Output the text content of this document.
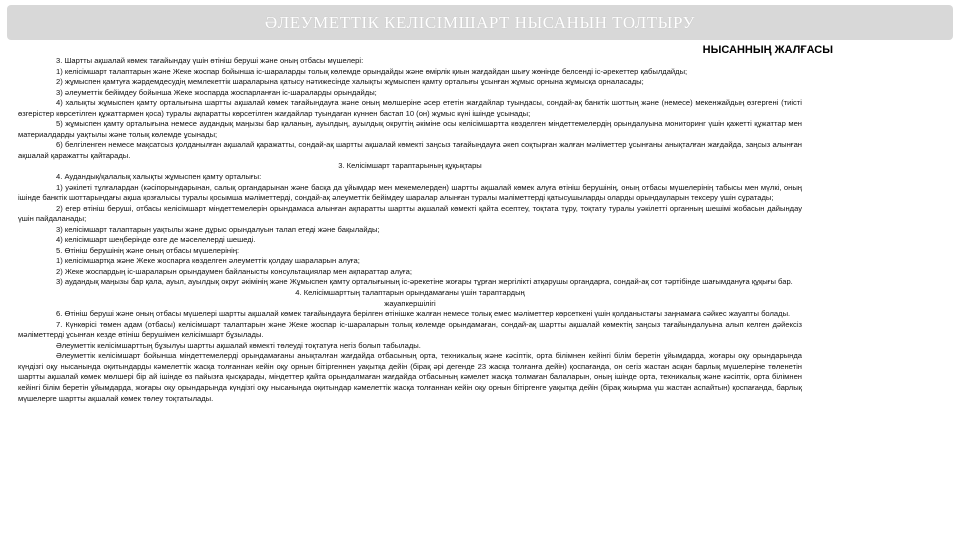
ӘЛЕУМЕТТІК КЕЛІСІМШАРТ НЫСАНЫН ТОЛТЫРУ
НЫСАННЫҢ ЖАЛҒАСЫ

3. Шартты ақшалай көмек тағайындау үшін өтініш беруші және оның отбасы мүшелері:

1) келісімшарт талаптарын және Жеке жоспар бойынша іс-шараларды толық көлемде орындайды және өмірлік қиын жағдайдан шығу жөнінде белсенді іс-әрекеттер қабылдайды;

2) жұмыспен қамтуға жәрдемдесудің мемлекеттік шараларына қатысу нәтижесінде халықты жұмыспен қамту орталығы ұсынған жұмыс орнына жұмысқа орналасады;

3) әлеуметтік бейімдеу бойынша Жеке жоспарда жоспарланған іс-шараларды орындайды;

4) халықты жұмыспен қамту орталығына шартты ақшалай көмек тағайындауға және оның мөлшеріне әсер ететін жағдайлар туындасы, сондай-ақ банктік шоттың және (немесе) мекенжайдың өзгергені (тиісті өзгерістер көрсетілген құжаттармен қоса) туралы ақпаратты көрсетілген жағдайлар туындаған күннен бастап 10 (он) жұмыс күні ішінде ұсынады;

5) жұмыспен қамту орталығына немесе аудандық маңызы бар қаланың, ауылдың, ауылдық округтің әкіміне осы келісімшартта көзделген міндеттемелердің орындалуына мониторинг үшін қажетті құжаттар мен материалдарды уақтылы және толық көлемде ұсынады;

6) белгіленген немесе мақсатсыз қолданылған ақшалай қаражатты, сондай-ақ шартты ақшалай көмекті заңсыз тағайындауға әкеп соқтырған жалған мәліметтер ұсынғаны анықталған жағдайда, заңсыз алынған ақшалай қаражатты қайтарады.

3. Келісімшарт тараптарының құқықтары

4. Аудандық/қалалық халықты жұмыспен қамту орталығы:

1) уәкілеті тұлғалардан (кәсіпорындарынан, салық органдарынан және басқа да ұйымдар мен мекемелерден) шартты ақшалай көмек алуға өтініш берушінің, оның отбасы мүшелерінің табысы мен мүлкі, оның ішінде банктік шоттарындағы ақша қозғалысы туралы қосымша мәліметтерді, сондай-ақ әлеуметтік бейімдеу шаралар алынған туралы мәліметтерді қатысушыларды оларды орындауларын тексеру үшін сұратады;

2) егер өтініш беруші, отбасы келісімшарт міндеттемелерін орындамаса алынған ақпаратты шартты ақшалай көмекті қайта есептеу, тоқтата тұру, тоқтату туралы уәкілетті органның шешімі жобасын дайындау үшін пайдаланады;

3) келісімшарт талаптарын уақтылы және дұрыс орындалуын талап етеді және бақылайды;

4) келісімшарт шеңберінде өзге де мәселелерді шешеді.

5. Өтініш берушінің және оның отбасы мүшелерінің:

1) келісімшартқа және Жеке жоспарға көзделген әлеуметтік қолдау шараларын алуға;

2) Жеке жоспардың іс-шараларын орындаумен байланысты консультациялар мен ақпараттар алуға;

3) аудандық маңызы бар қала, ауыл, ауылдық округ әкімінің және Жұмыспен қамту орталығының іс-әрекетіне жоғары тұрған жергілікті атқарушы органдарға, сондай-ақ сот тәртібінде шағымдануға құқығы бар.

4. Келісімшарттың талаптарын орындамағаны үшін тараптардың

жауапкершілігі

6. Өтініш беруші және оның отбасы мүшелері шартты ақшалай көмек тағайындауға берілген өтінішке жалған немесе толық емес мәліметтер көрсеткені үшін қолданыстағы заңнамаға сәйкес жауапты болады.

7. Күнкөрісі төмен адам (отбасы) келісімшарт талаптарын және Жеке жоспар іс-шараларын толық көлемде орындамаған, сондай-ақ шартты ақшалай көмектің заңсыз тағайындалуына алып келген дәйексіз мәліметтерді ұсынған кезде өтініш берушімен келісімшарт бұзылады.

Әлеуметтік келісімшарттың бұзылуы шартты ақшалай көмекті төлеуді тоқтатуға негіз болып табылады.

Әлеуметтік келісімшарт бойынша міндеттемелерді орындамағаны анықталған жағдайда отбасының орта, техникалық және кәсіптік, орта білімнен кейінгі білім беретін ұйымдарда, жоғары оқу орындарында күндізгі оқу нысанында оқитындарды кәмелеттік жасқа толғаннан кейін оқу орнын бітіргеннен уақытқа дейін (бірақ әрі дегенде 23 жасқа толғанға дейін) қоспағанда, он сегіз жастан асқан барлық мүшелеріне төленетін шартты ақшалай көмек мөлшері бір ай ішінде өз пайызға қысқарады, міндеттер қайта орындалмаған жағдайда отбасының кәмелет жасқа толмаған балаларын, оның ішінде орта, техникалық және кәсіптік, орта білімнен кейінгі білім беретін ұйымдарда, жоғары оқу орындарында күндізгі оқу нысанында оқитындар кәмелеттік жасқа толғаннан кейін оқу орнын бітіргенге уақытқа дейін (бірақ жиырма үш жастан аспайтын) қоспағанда, барлық мүшелерге шартты ақшалай көмек төлеу тоқтатылады.
